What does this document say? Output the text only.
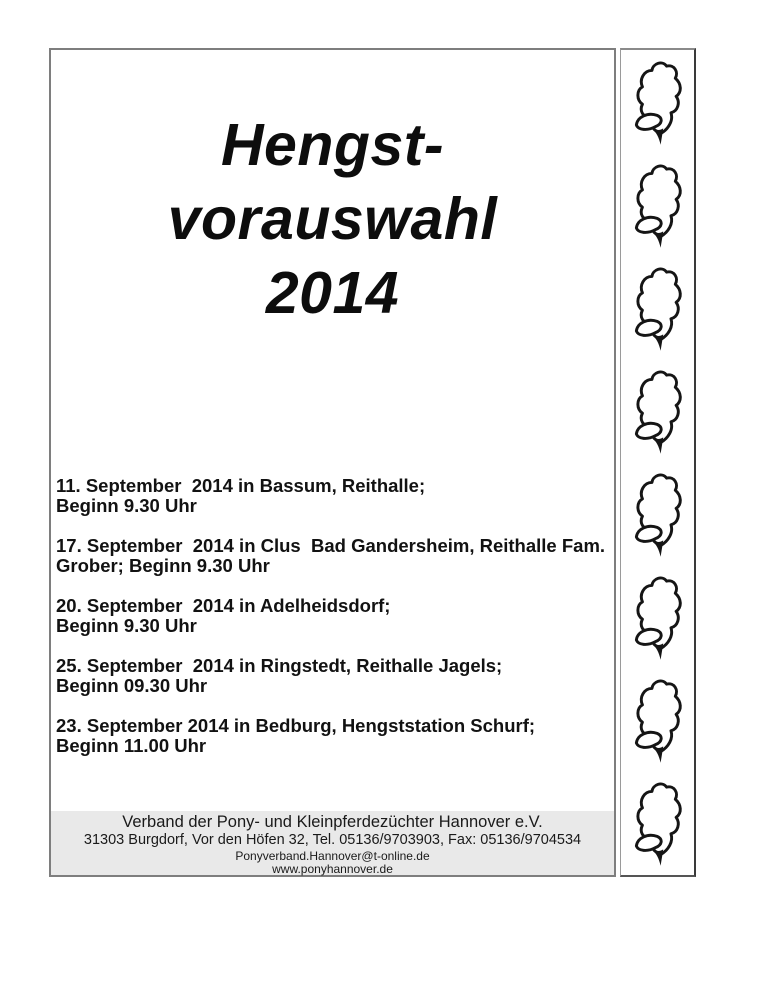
Hengst-
vorauswahl
2014
11. September  2014 in Bassum, Reithalle;
Beginn 9.30 Uhr
17. September  2014 in Clus  Bad Gandersheim, Reithalle Fam.
Grober; Beginn 9.30 Uhr
20. September  2014 in Adelheidsdorf;
Beginn 9.30 Uhr
25. September  2014 in Ringstedt, Reithalle Jagels;
Beginn 09.30 Uhr
23. September 2014 in Bedburg, Hengststation Schurf;
Beginn 11.00 Uhr
Verband der Pony- und Kleinpferdezüchter Hannover e.V.
31303 Burgdorf, Vor den Höfen 32, Tel. 05136/9703903, Fax: 05136/9704534
Ponyverband.Hannover@t-online.de
www.ponyhannover.de
